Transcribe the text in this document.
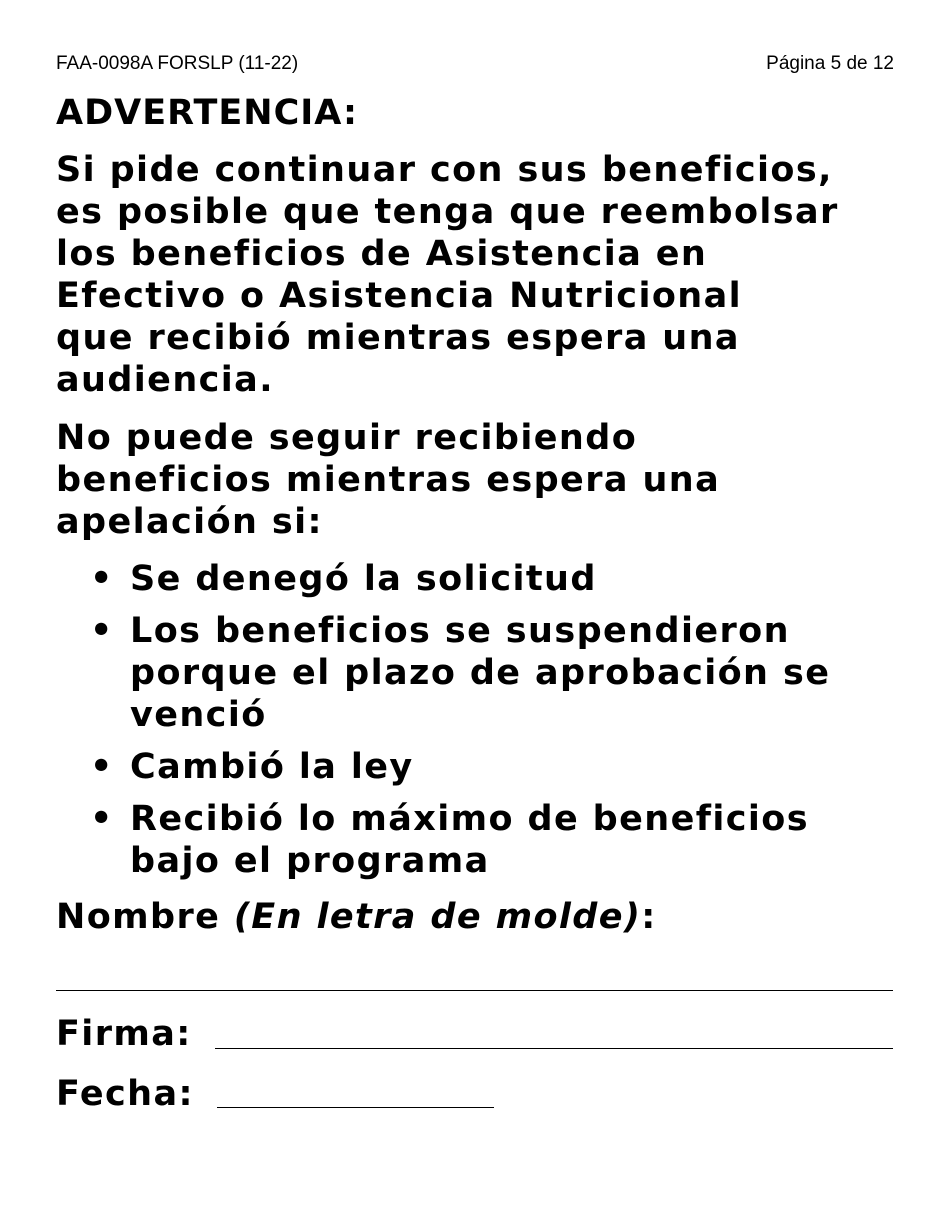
FAA-0098A FORSLP (11-22)	Página 5 de 12
ADVERTENCIA:
Si pide continuar con sus beneficios,
es posible que tenga que reembolsar
los beneficios de Asistencia en
Efectivo o Asistencia Nutricional
que recibió mientras espera una
audiencia.
No puede seguir recibiendo
beneficios mientras espera una
apelación si:
• Se denegó la solicitud
• Los beneficios se suspendieron
porque el plazo de aprobación se
venció
• Cambió la ley
• Recibió lo máximo de beneficios
bajo el programa
Nombre (En letra de molde):
Firma:
Fecha:
